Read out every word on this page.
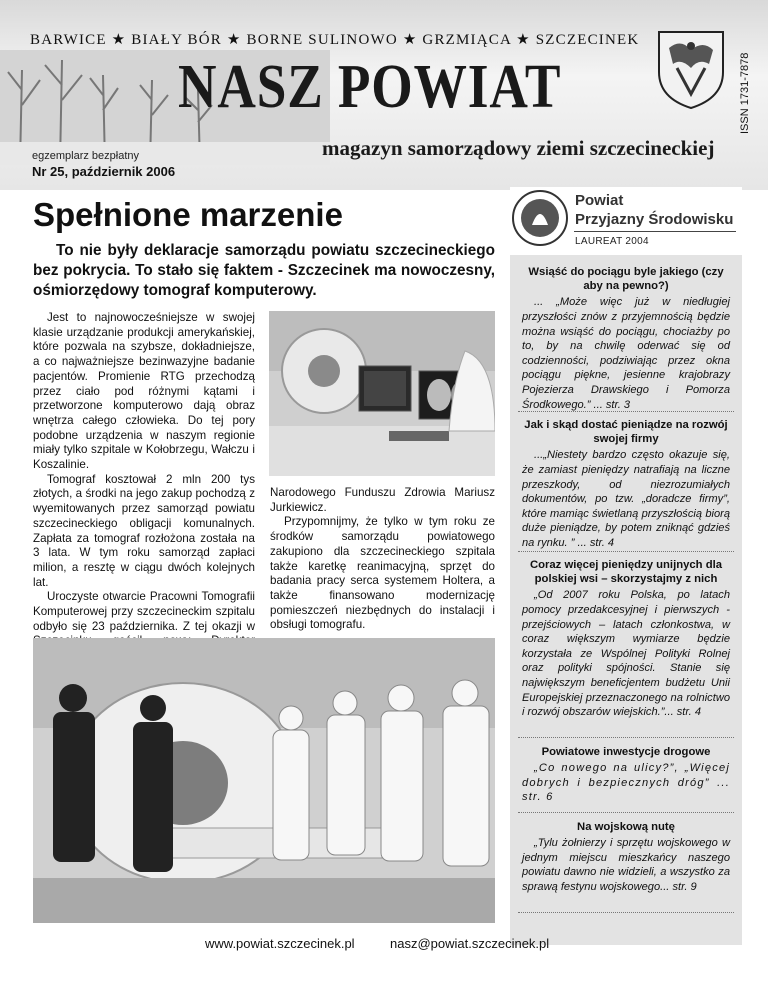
BARWICE ★ BIAŁY BÓR ★ BORNE SULINOWO ★ GRZMIĄCA ★ SZCZECINEK
NASZ POWIAT
magazyn samorządowy ziemi szczecineckiej
egzemplarz bezpłatny
Nr 25, październik 2006
ISSN 1731-7878
Spełnione marzenie
To nie były deklaracje samorządu powiatu szczecineckiego bez pokrycia. To stało się faktem - Szczecinek ma nowoczesny, ośmiorzędowy tomograf komputerowy.

Jest to najnowocześniejsze w swojej klasie urządzanie produkcji amerykańskiej, które pozwala na szybsze, dokładniejsze, a co najważniejsze bezinwazyjne badanie pacjentów. Promienie RTG przechodzą przez ciało pod różnymi kątami i przetworzone komputerowo dają obraz wnętrza całego człowieka. Do tej pory podobne urządzenia w naszym regionie miały tylko szpitale w Kołobrzegu, Wałczu i Koszalinie.

Tomograf kosztował 2 mln 200 tys złotych, a środki na jego zakup pochodzą z wyemitowanych przez samorząd powiatu szczecineckiego obligacji komunalnych. Zapłata za tomograf rozłożona została na 3 lata. W tym roku samorząd zapłaci milion, a resztę w ciągu dwóch kolejnych lat.

Uroczyste otwarcie Pracowni Tomografii Komputerowej przy szczecineckim szpitalu odbyło się 23 października. Z tej okazji w

Narodowego Funduszu Zdrowia Mariusz Jurkiewicz.

Przypomnijmy, że tylko w tym roku ze środków samorządu powiatowego zakupiono dla szczecineckiego szpitala także karetkę reanimacyjną, sprzęt do badania pracy serca systemem Holtera, a także finansowano modernizację pomieszczeń niezbędnych do instalacji i obsługi tomografu.

Powiat
Przyjazny Środowisku
LAUREAT 2004
Wsiąść do pociągu byle jakiego (czy aby na pewno?)

... „Może więc już w niedługiej przyszłości znów z przyjemnością będzie można wsiąść do pociągu, chociażby po to, by na chwilę oderwać się od codzienności, podziwiając przez okna pociągu piękne, jesienne krajobrazy Pojezierza Drawskiego i Pomorza Środkowego.” ... str. 3

Jak i skąd dostać pieniądze na rozwój swojej firmy

...„Niestety bardzo często okazuje się, że zamiast pieniędzy natrafiają na liczne przeszkody, od niezrozumiałych dokumentów, po tzw. „doradcze firmy”, które mamiąc świetlaną przyszłością biorą duże pieniądze, by potem zniknąć gdzieś na rynku. ” ... str. 4

Coraz więcej pieniędzy unijnych dla polskiej wsi – skorzystajmy z nich

„Od 2007 roku Polska, po latach pomocy przedakcesyjnej i pierwszych - przejściowych – latach członkostwa, w coraz większym wymiarze będzie korzystała ze Wspólnej Polityki Rolnej oraz polityki spójności. Stanie się największym beneficjentem budżetu Unii Europejskiej przeznaczonego na rolnictwo i rozwój obszarów wiejskich.”... str. 4

Powiatowe inwestycje drogowe

„Co nowego na ulicy?”, „Więcej dobrych i bezpiecznych dróg” ... str. 6

Na wojskową nutę

„Tylu żołnierzy i sprzętu wojskowego w jednym miejscu mieszkańcy naszego powiatu dawno nie widzieli, a wszystko za sprawą festynu wojskowego... str. 9

www.powiat.szczecinek.pl	nasz@powiat.szczecinek.pl
